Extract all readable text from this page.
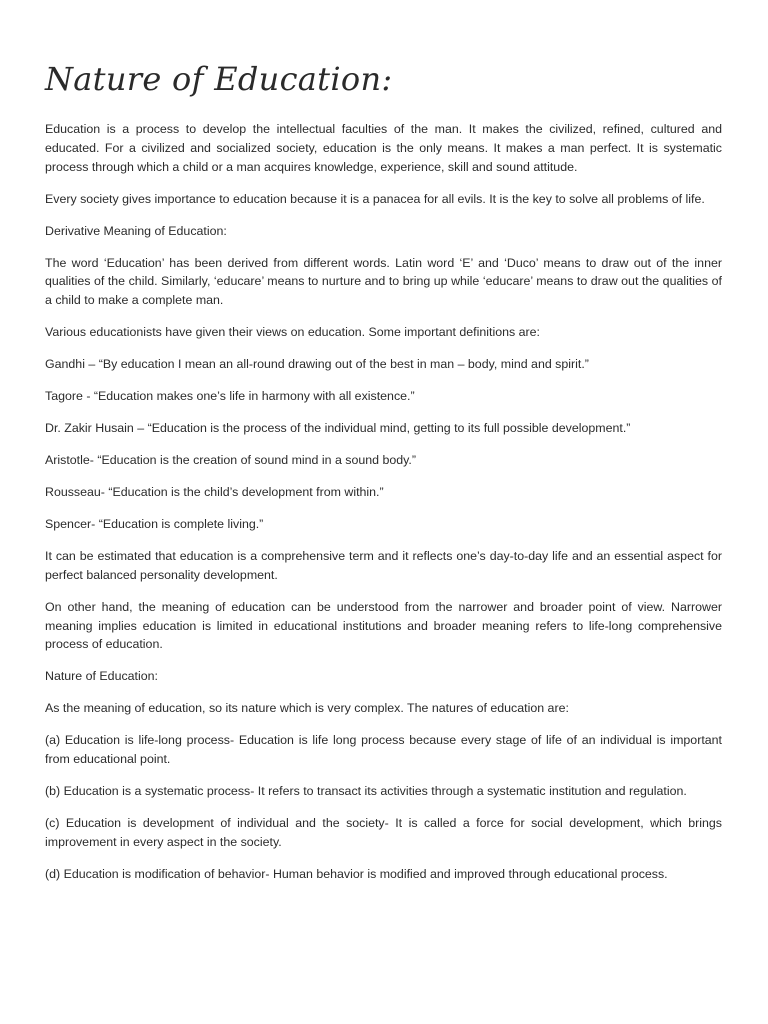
Nature of Education:

Education is a process to develop the intellectual faculties of the man. It makes the civilized, refined, cultured and educated. For a civilized and socialized society, education is the only means. It makes a man perfect. It is systematic process through which a child or a man acquires knowledge, experience, skill and sound attitude.

Every society gives importance to education because it is a panacea for all evils. It is the key to solve all problems of life.

Derivative Meaning of Education:

The word ‘Education’ has been derived from different words. Latin word ‘E’ and ‘Duco’ means to draw out of the inner qualities of the child. Similarly, ‘educare’ means to nurture and to bring up while ‘educare’ means to draw out the qualities of a child to make a complete man.

Various educationists have given their views on education. Some important definitions are:

Gandhi – “By education I mean an all-round drawing out of the best in man – body, mind and spirit.”

Tagore - “Education makes one’s life in harmony with all existence.”

Dr. Zakir Husain – “Education is the process of the individual mind, getting to its full possible development.”

Aristotle- “Education is the creation of sound mind in a sound body.”

Rousseau- “Education is the child’s development from within.”

Spencer- “Education is complete living.”

It can be estimated that education is a comprehensive term and it reflects one’s day-to-day life and an essential aspect for perfect balanced personality development.

On other hand, the meaning of education can be understood from the narrower and broader point of view. Narrower meaning implies education is limited in educational institutions and broader meaning refers to life-long comprehensive process of education.

Nature of Education:

As the meaning of education, so its nature which is very complex. The natures of education are:

(a) Education is life-long process- Education is life long process because every stage of life of an individual is important from educational point.

(b) Education is a systematic process- It refers to transact its activities through a systematic institution and regulation.

(c) Education is development of individual and the society- It is called a force for social development, which brings improvement in every aspect in the society.

(d) Education is modification of behavior- Human behavior is modified and improved through educational process.
